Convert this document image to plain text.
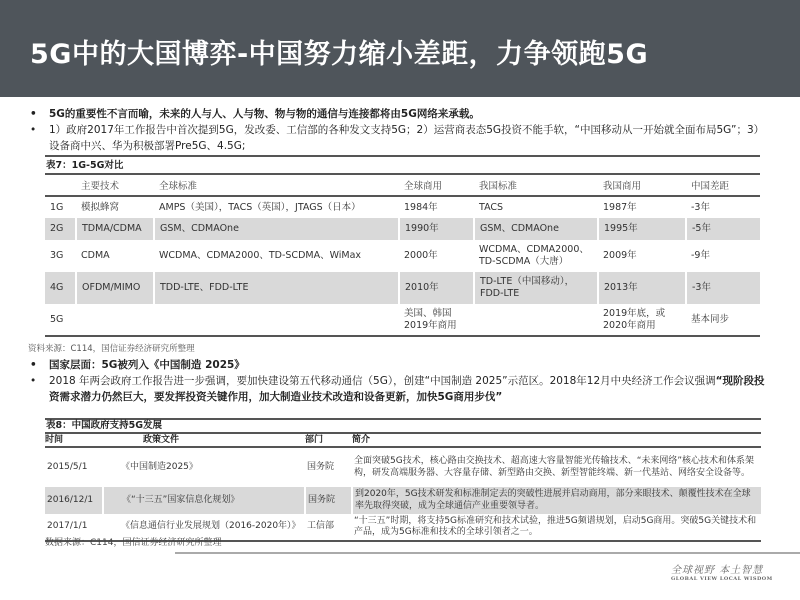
5G中的大国博弈-中国努力缩小差距，力争领跑5G
• 5G的重要性不言而喻，未来的人与人、人与物、物与物的通信与连接都将由5G网络来承载。
• 1）政府2017年工作报告中首次提到5G，发改委、工信部的各种发文支持5G；2）运营商表态5G投资不能手软，“中国移动从一开始就全面布局5G”；3）设备商中兴、华为积极部署Pre5G、4.5G;
表7：1G-5G对比
	主要技术	全球标准	全球商用	我国标准	我国商用	中国差距
1G	模拟蜂窝	AMPS（美国），TACS（英国），JTAGS（日本）	1984年	TACS	1987年	-3年
2G	TDMA/CDMA	GSM、CDMAOne	1990年	GSM、CDMAOne	1995年	-5年
3G	CDMA	WCDMA、CDMA2000、TD-SCDMA、WiMax	2000年	WCDMA、CDMA2000、TD-SCDMA（大唐）	2009年	-9年
4G	OFDM/MIMO	TDD-LTE、FDD-LTE	2010年	TD-LTE（中国移动），FDD-LTE	2013年	-3年
5G			美国、韩国 2019年商用		2019年底，或 2020年商用	基本同步
资料来源：C114，国信证券经济研究所整理
• 国家层面：5G被列入《中国制造 2025》
• 2018 年两会政府工作报告进一步强调，要加快建设第五代移动通信（5G），创建“中国制造 2025”示范区。2018年12月中央经济工作会议强调“现阶段投资需求潜力仍然巨大，要发挥投资关键作用，加大制造业技术改造和设备更新，加快5G商用步伐”
表8：中国政府支持5G发展
时间	政策文件	部门	简介
2015/5/1	《中国制造2025》	国务院	全面突破5G技术，核心路由交换技术、超高速大容量智能光传输技术、“未来网络”核心技术和体系架构，研发高端服务器、大容量存储、新型路由交换、新型智能终端、新一代基站、网络安全设备等。
2016/12/1	《“十三五”国家信息化规划》	国务院	到2020年，5G技术研发和标准制定去的突破性进展并启动商用，部分来眼技术、颠覆性技术在全球率先取得突破，成为全球通信产业重要领导者。
2017/1/1	《信息通信行业发展规划（2016-2020年）》	工信部	“十三五”时期，将支持5G标准研究和技术试验，推进5G频谱规划，启动5G商用。突破5G关键技术和产品，成为5G标准和技术的全球引领者之一。
数据来源：C114，国信证券经济研究所整理
全球视野 本土智慧
GLOBAL VIEW LOCAL WISDOM
